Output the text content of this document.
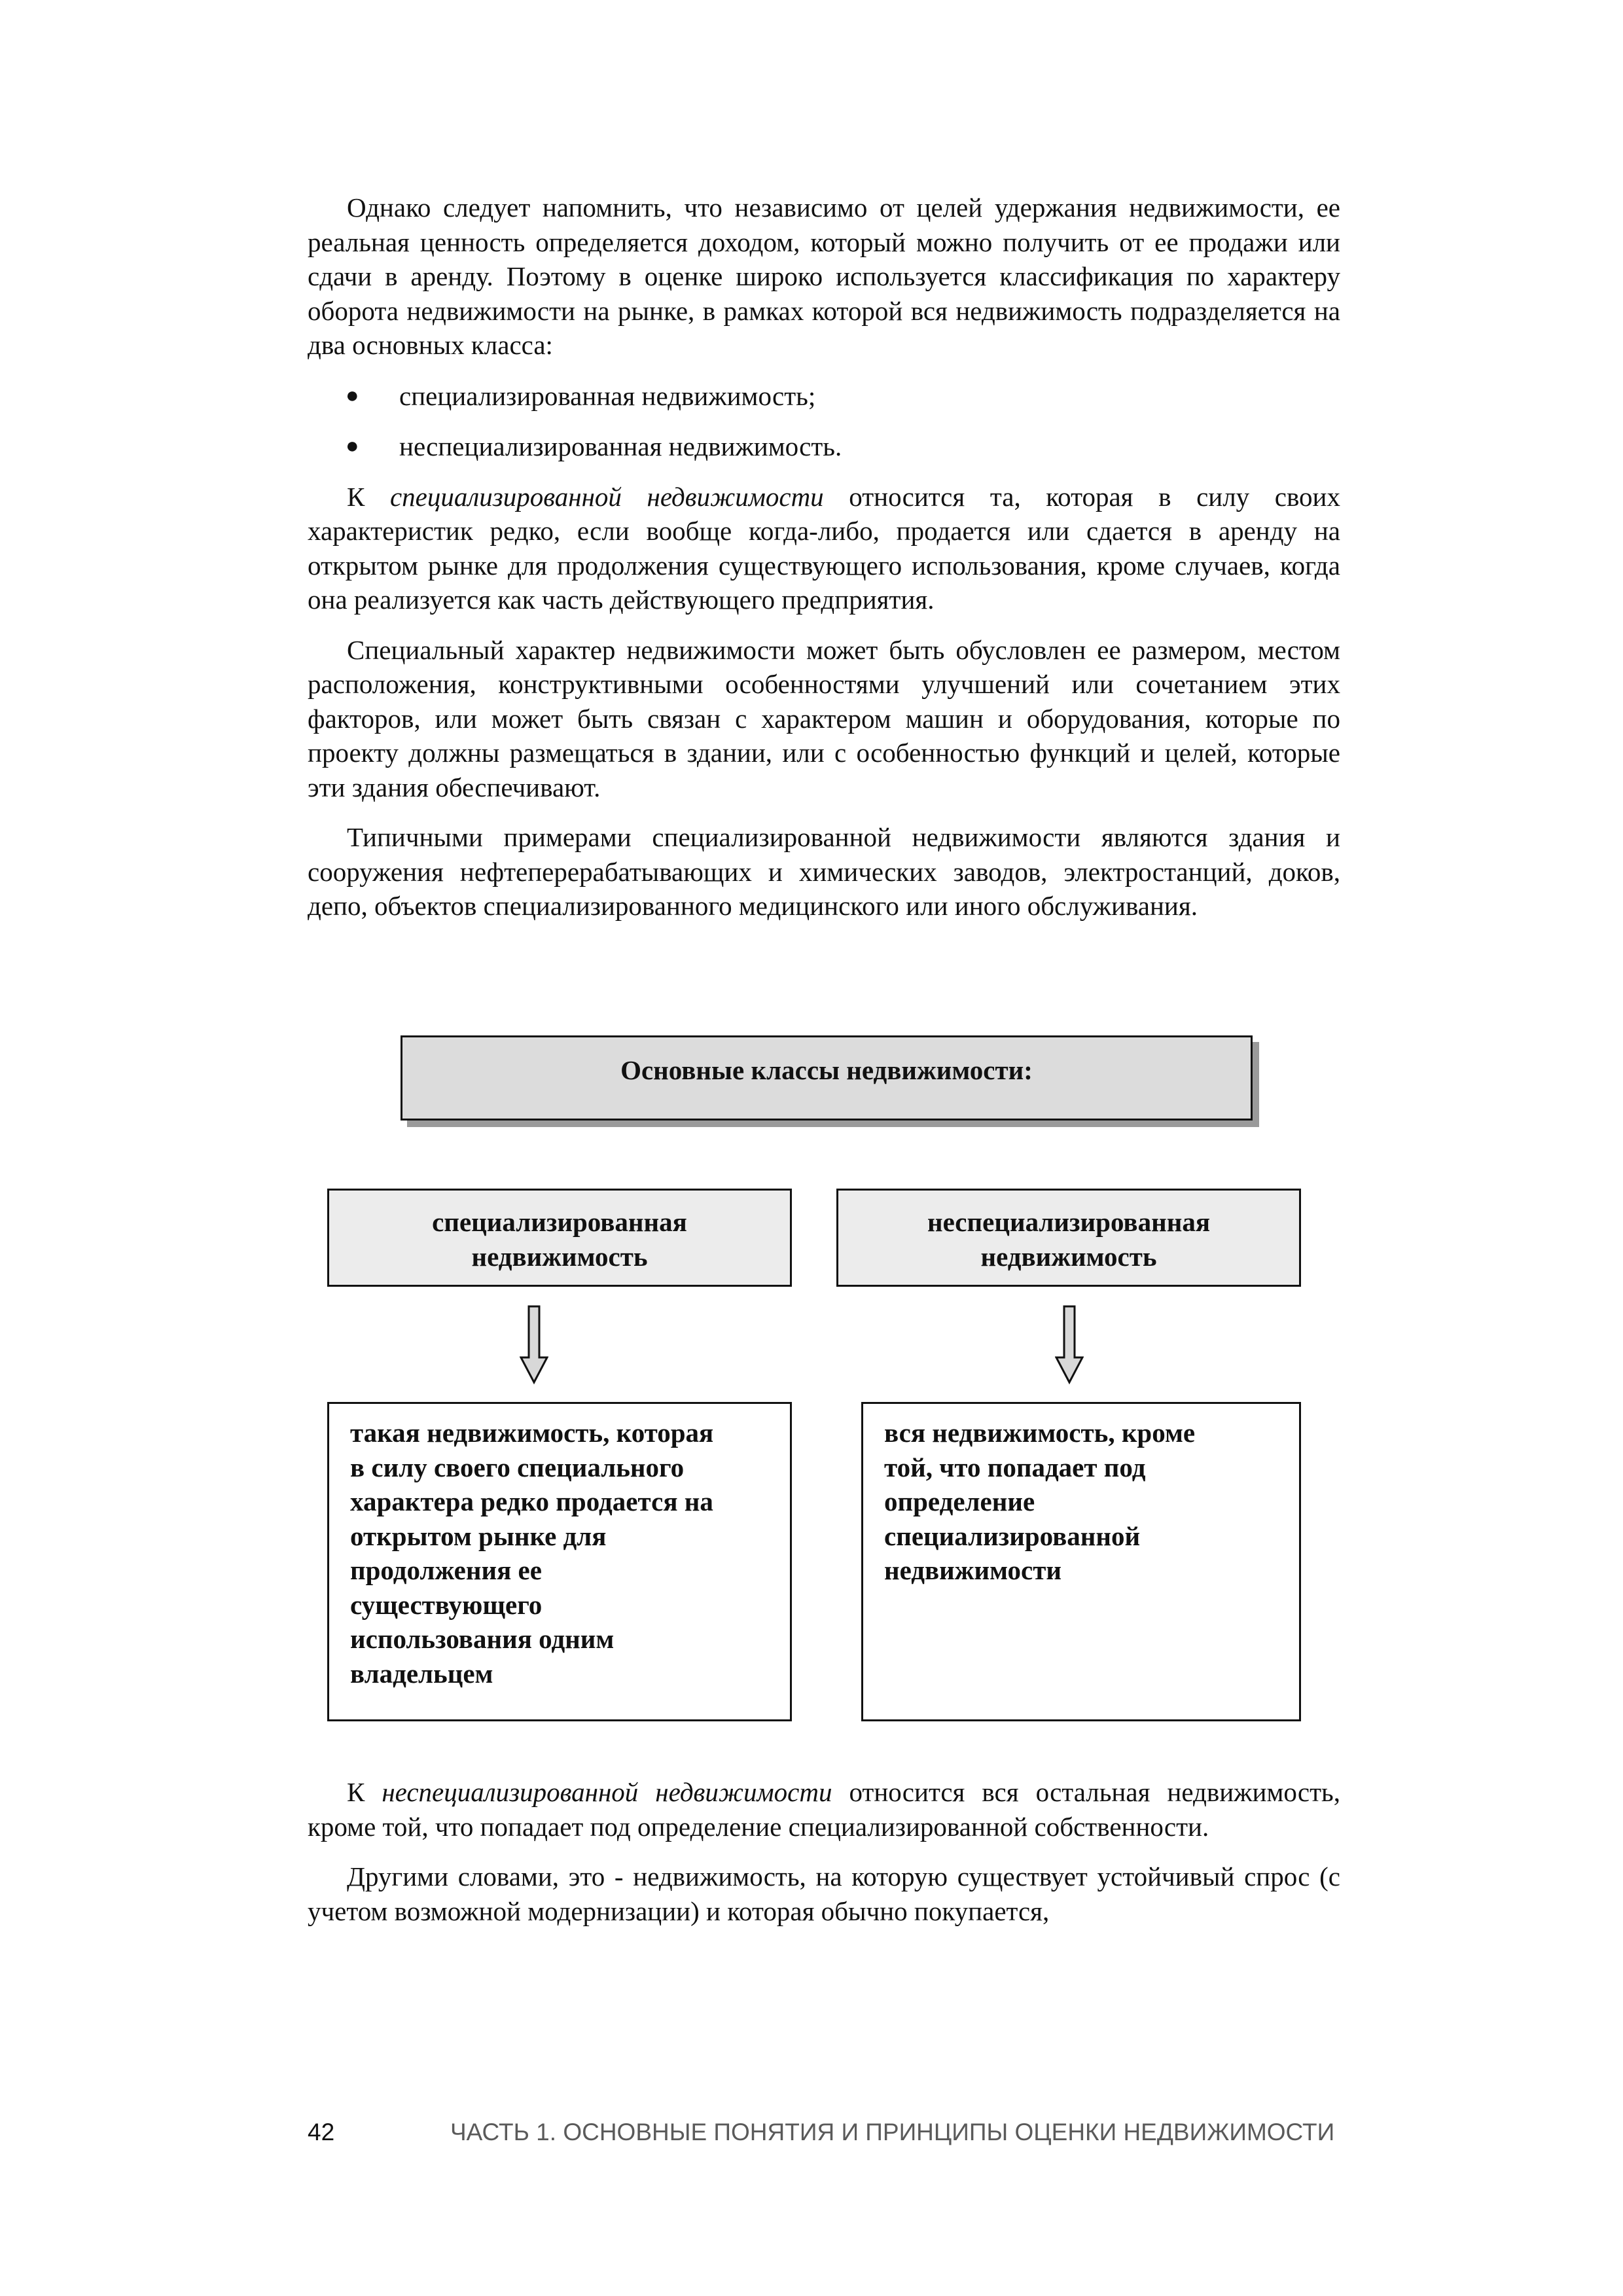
Однако следует напомнить, что независимо от целей удержания недвижимости, ее реальная ценность определяется доходом, который можно получить от ее продажи или сдачи в аренду. Поэтому в оценке широко используется классификация по характеру оборота недвижимости на рынке, в рамках которой вся недвижимость подразделяется на два основных класса:

● специализированная недвижимость;
● неспециализированная недвижимость.

К специализированной недвижимости относится та, которая в силу своих характеристик редко, если вообще когда-либо, продается или сдается в аренду на открытом рынке для продолжения существующего использования, кроме случаев, когда она реализуется как часть действующего предприятия.

Специальный характер недвижимости может быть обусловлен ее размером, местом расположения, конструктивными особенностями улучшений или сочетанием этих факторов, или может быть связан с характером машин и оборудования, которые по проекту должны размещаться в здании, или с особенностью функций и целей, которые эти здания обеспечивают.

Типичными примерами специализированной недвижимости являются здания и сооружения нефтеперерабатывающих и химических заводов, электростанций, доков, депо, объектов специализированного медицинского или иного обслуживания.

Основные классы недвижимости:
специализированная
недвижимость
неспециализированная
недвижимость
такая недвижимость, которая
в силу своего специального
характера редко продается на
открытом рынке для
продолжения ее
существующего
использования одним
владельцем
вся недвижимость, кроме
той, что попадает под
определение
специализированной
недвижимости

К неспециализированной недвижимости относится вся остальная недвижимость, кроме той, что попадает под определение специализированной собственности.

Другими словами, это - недвижимость, на которую существует устойчивый спрос (с учетом возможной модернизации) и которая обычно покупается,

42	ЧАСТЬ 1. ОСНОВНЫЕ ПОНЯТИЯ И ПРИНЦИПЫ ОЦЕНКИ НЕДВИЖИМОСТИ
